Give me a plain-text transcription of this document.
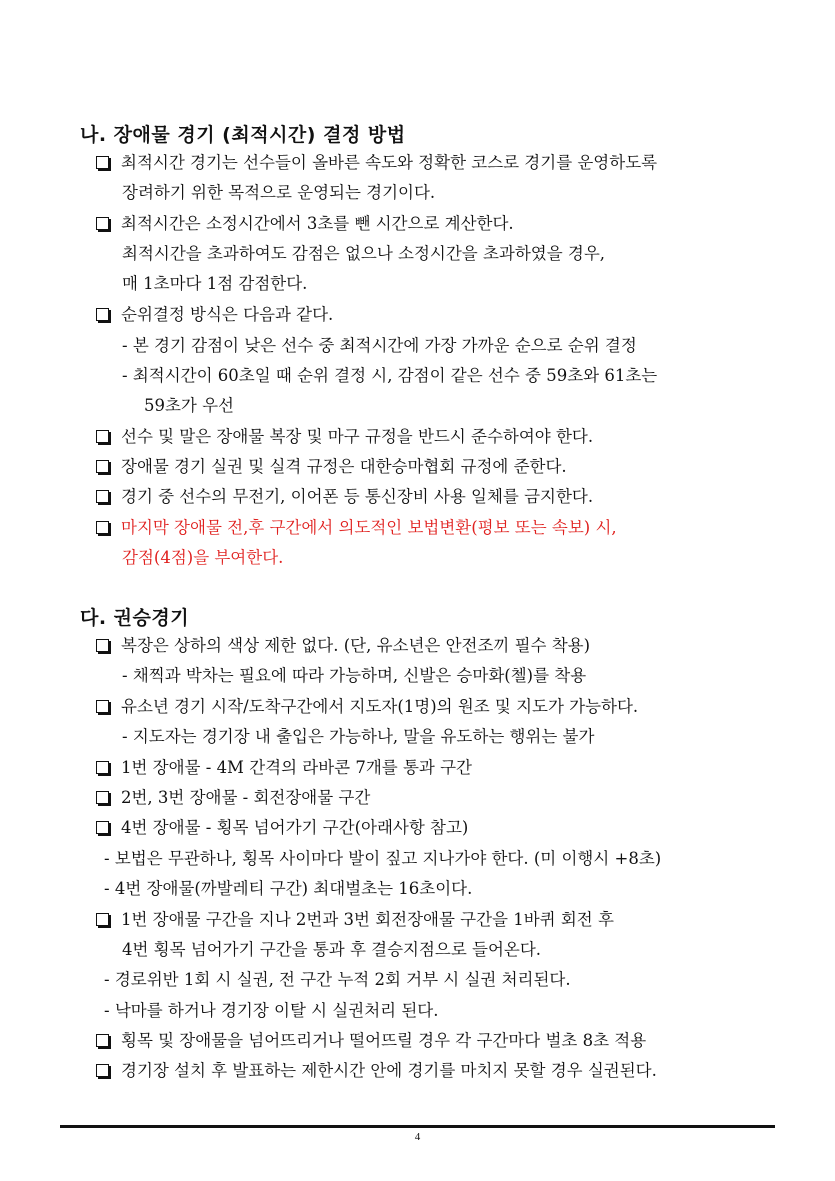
나. 장애물 경기 (최적시간) 결정 방법
최적시간 경기는 선수들이 올바른 속도와 정확한 코스로 경기를 운영하도록
장려하기 위한 목적으로 운영되는 경기이다.
최적시간은 소정시간에서 3초를 뺀 시간으로 계산한다.
최적시간을 초과하여도 감점은 없으나 소정시간을 초과하였을 경우,
매 1초마다 1점 감점한다.
순위결정 방식은 다음과 같다.
- 본 경기 감점이 낮은 선수 중 최적시간에 가장 가까운 순으로 순위 결정
- 최적시간이 60초일 때 순위 결정 시, 감점이 같은 선수 중 59초와 61초는
59초가 우선
선수 및 말은 장애물 복장 및 마구 규정을 반드시 준수하여야 한다.
장애물 경기 실권 및 실격 규정은 대한승마협회 규정에 준한다.
경기 중 선수의 무전기, 이어폰 등 통신장비 사용 일체를 금지한다.
마지막 장애물 전,후 구간에서 의도적인 보법변환(평보 또는 속보) 시,
감점(4점)을 부여한다.
다. 권승경기
복장은 상하의 색상 제한 없다. (단, 유소년은 안전조끼 필수 착용)
- 채찍과 박차는 필요에 따라 가능하며, 신발은 승마화(첼)를 착용
유소년 경기 시작/도착구간에서 지도자(1명)의 원조 및 지도가 가능하다.
- 지도자는 경기장 내 출입은 가능하나, 말을 유도하는 행위는 불가
1번 장애물 - 4M 간격의 라바콘 7개를 통과 구간
2번, 3번 장애물 - 회전장애물 구간
4번 장애물 - 횡목 넘어가기 구간(아래사항 참고)
- 보법은 무관하나, 횡목 사이마다 발이 짚고 지나가야 한다. (미 이행시 +8초)
- 4번 장애물(까발레티 구간) 최대벌초는 16초이다.
1번 장애물 구간을 지나 2번과 3번 회전장애물 구간을 1바퀴 회전 후
4번 횡목 넘어가기 구간을 통과 후 결승지점으로 들어온다.
- 경로위반 1회 시 실권, 전 구간 누적 2회 거부 시 실권 처리된다.
- 낙마를 하거나 경기장 이탈 시 실권처리 된다.
횡목 및 장애물을 넘어뜨리거나 떨어뜨릴 경우 각 구간마다 벌초 8초 적용
경기장 설치 후 발표하는 제한시간 안에 경기를 마치지 못할 경우 실권된다.
4
